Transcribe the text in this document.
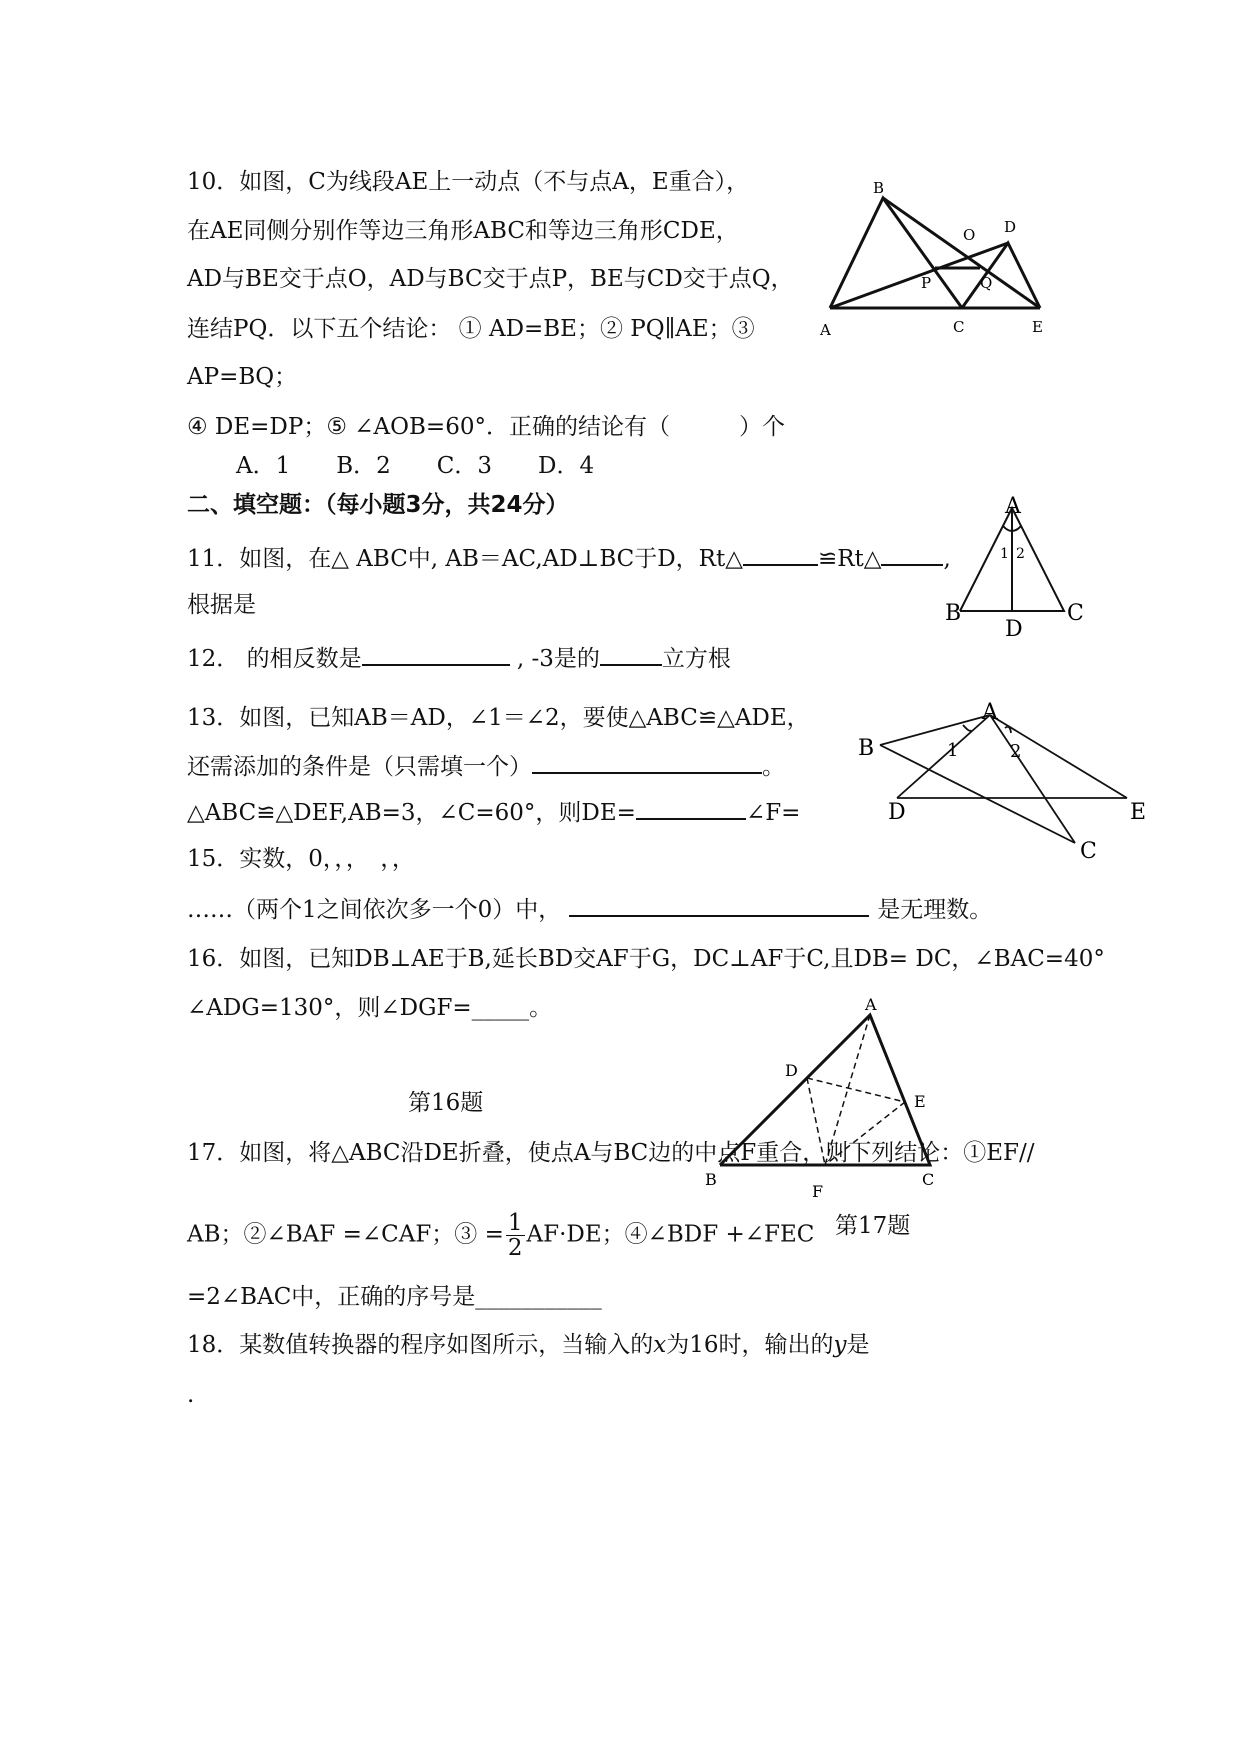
10．如图，C为线段AE上一动点（不与点A，E重合），
在AE同侧分别作等边三角形ABC和等边三角形CDE，
AD与BE交于点O，AD与BC交于点P，BE与CD交于点Q，
连结PQ．以下五个结论： ① AD=BE；② PQ∥AE；③
AP=BQ；
④ DE=DP；⑤ ∠AOB=60°．正确的结论有（　　　）个
A．1　　B．2　　C．3　　D．4
A
B
C
D
E
O
P	Q
二、填空题：（每小题3分，共24分）
11．如图，在△ ABC中, AB＝AC,AD⊥BC于D，Rt△	≌Rt△	,
根据是
A
B
D
C
1 2
12． 的相反数是	, -3是的	立方根
13．如图，已知AB＝AD，∠1＝∠2，要使△ABC≌△ADE，
还需添加的条件是（只需填一个）	。
A
B
D	E
C
1	2
△ABC≌△DEF,AB=3，∠C=60°，则DE=	∠F=
15．实数，0，，，　，，
……（两个1之间依次多一个0）中，	是无理数。
16．如图，已知DB⊥AE于B,延长BD交AF于G，DC⊥AF于C,且DB= DC，∠BAC=40°
∠ADG=130°，则∠DGF=_____。
第16题
A
B	C
D
E
F
17．如图，将△ABC沿DE折叠，使点A与BC边的中点F重合，则下列结论：①EF//
AB；②∠BAF =∠CAF；③ = $\frac{1}{2} AF\cdot DE$；④∠BDF +∠FEC 第17题
=2∠BAC中，正确的序号是___________
18．某数值转换器的程序如图所示，当输入的x为16时，输出的y是
.
